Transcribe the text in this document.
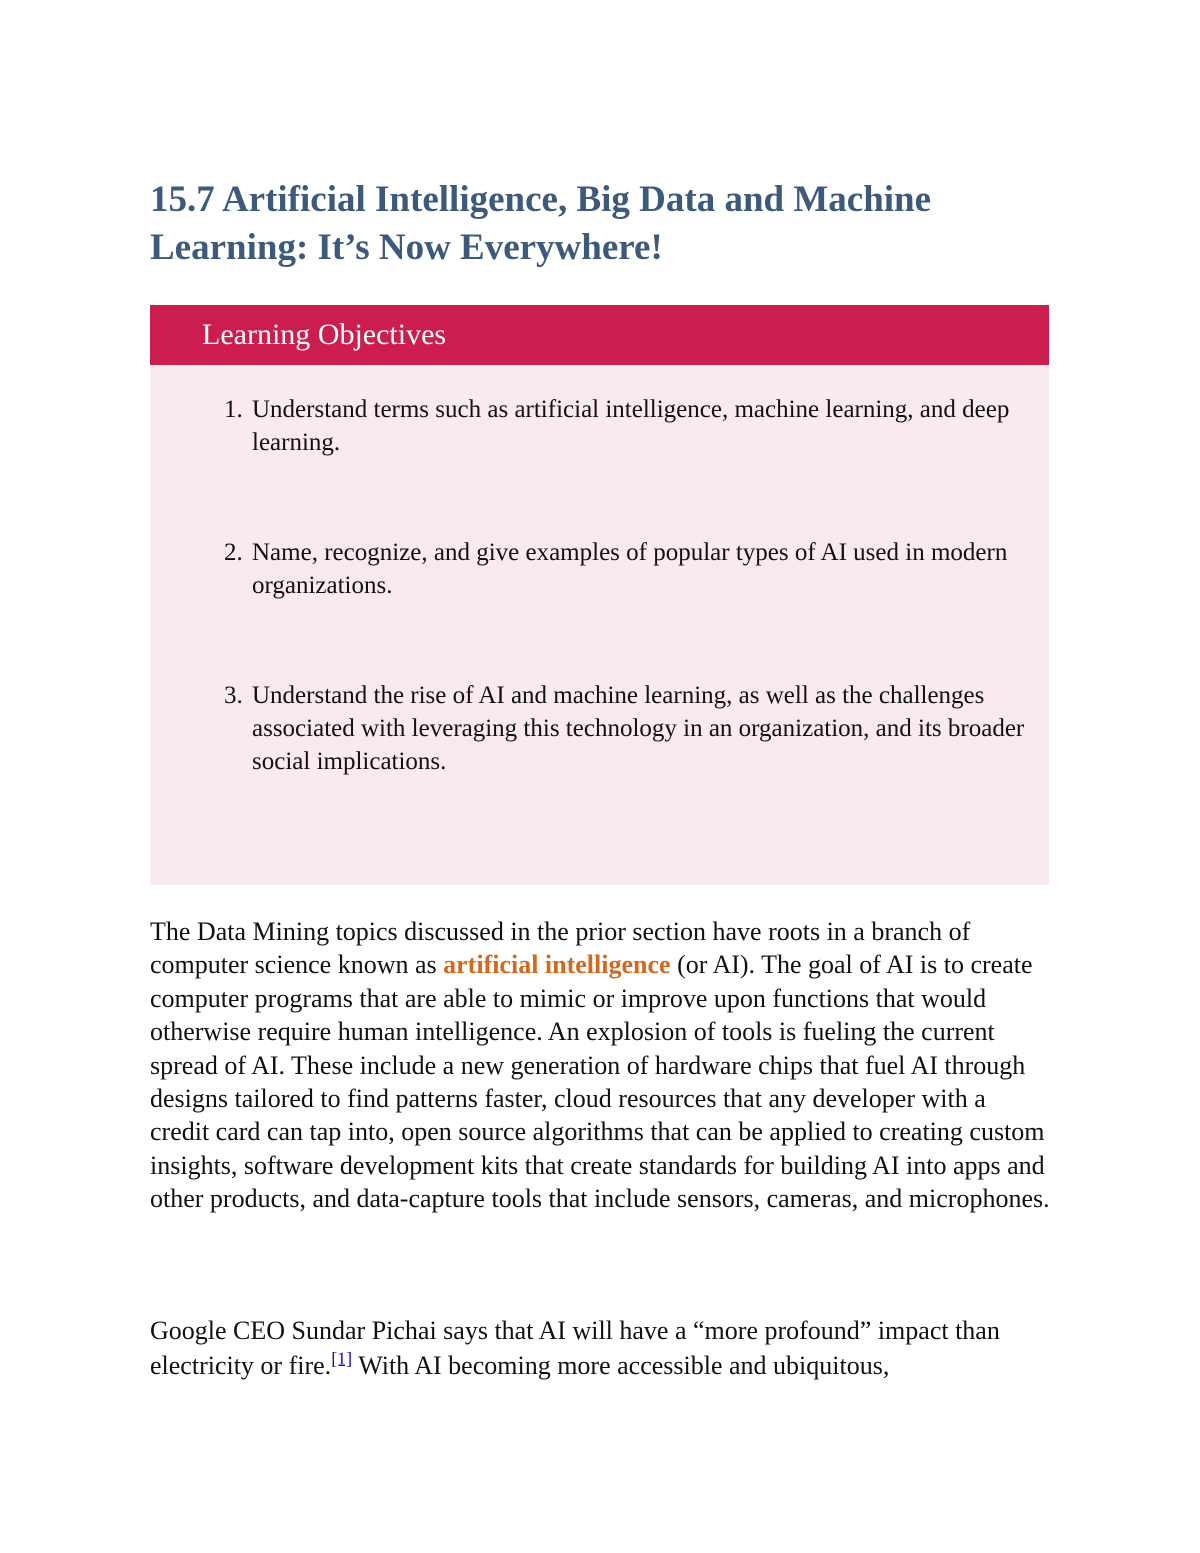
15.7 Artificial Intelligence, Big Data and Machine Learning: It’s Now Everywhere!
Learning Objectives
1. Understand terms such as artificial intelligence, machine learning, and deep learning.
2. Name, recognize, and give examples of popular types of AI used in modern organizations.
3. Understand the rise of AI and machine learning, as well as the challenges associated with leveraging this technology in an organization, and its broader social implications.

The Data Mining topics discussed in the prior section have roots in a branch of computer science known as artificial intelligence (or AI). The goal of AI is to create computer programs that are able to mimic or improve upon functions that would otherwise require human intelligence. An explosion of tools is fueling the current spread of AI. These include a new generation of hardware chips that fuel AI through designs tailored to find patterns faster, cloud resources that any developer with a credit card can tap into, open source algorithms that can be applied to creating custom insights, software development kits that create standards for building AI into apps and other products, and data-capture tools that include sensors, cameras, and microphones.

Google CEO Sundar Pichai says that AI will have a “more profound” impact than electricity or fire.[1] With AI becoming more accessible and ubiquitous,
